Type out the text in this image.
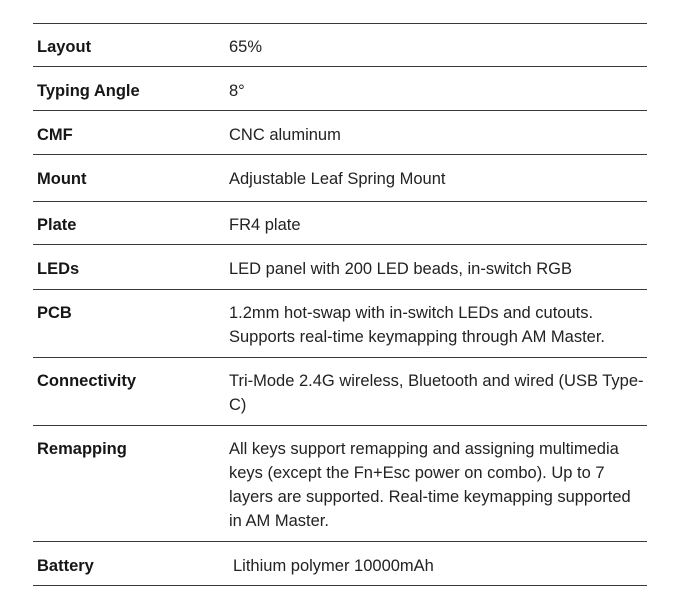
Layout	65%
Typing Angle	8°
CMF	CNC aluminum
Mount	Adjustable Leaf Spring Mount
Plate	FR4 plate
LEDs	LED panel with 200 LED beads, in-switch RGB
PCB	1.2mm hot-swap with in-switch LEDs and cutouts. Supports real-time keymapping through AM Master.
Connectivity	Tri-Mode 2.4G wireless, Bluetooth and wired (USB Type-C)
Remapping	All keys support remapping and assigning multimedia keys (except the Fn+Esc power on combo). Up to 7 layers are supported. Real-time keymapping supported in AM Master.
Battery	Lithium polymer 10000mAh
